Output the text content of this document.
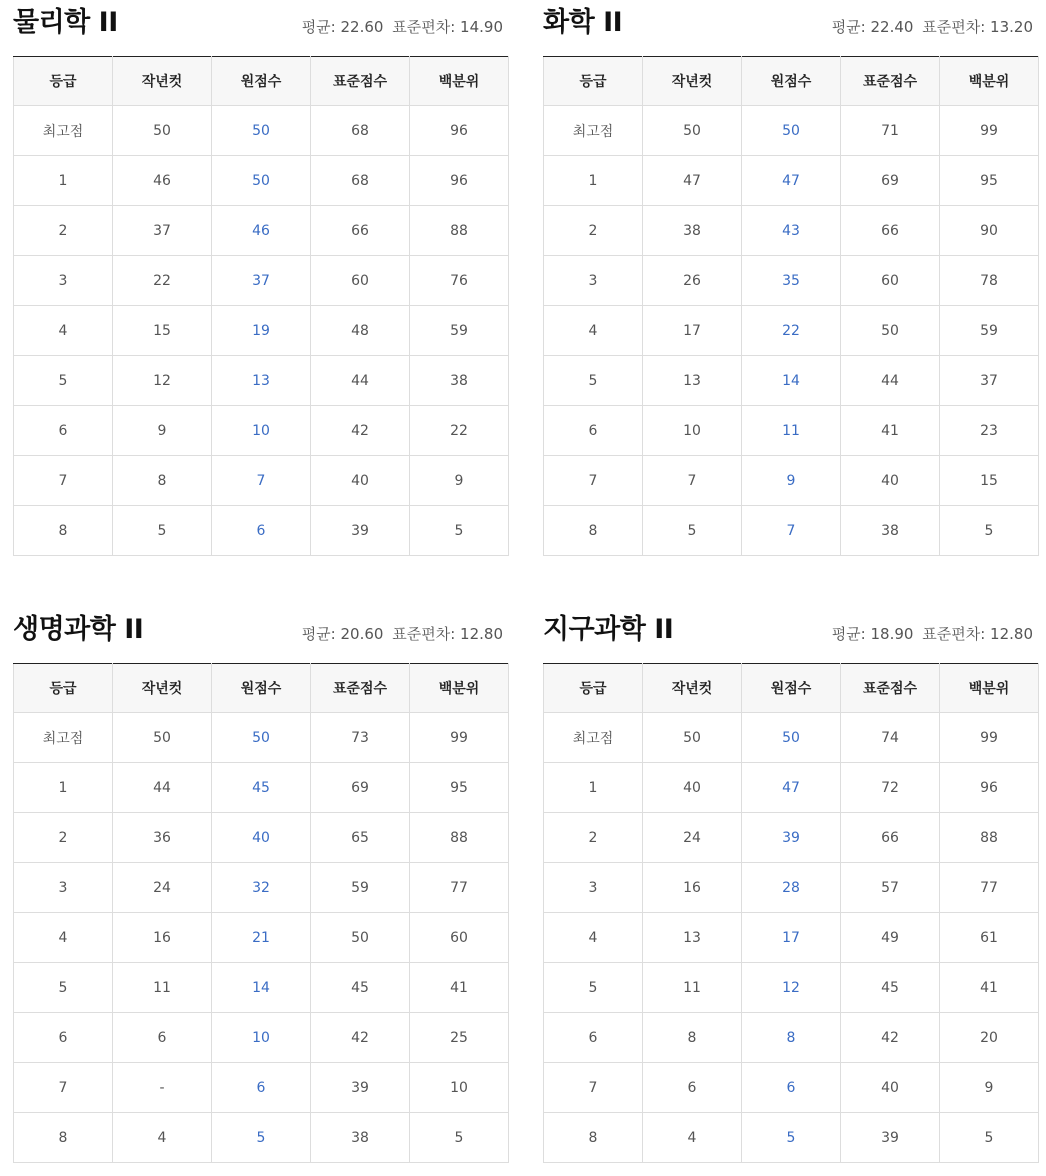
물리학 II	평균: 22.60 표준편차: 14.90
등급	작년컷	원점수	표준점수	백분위
최고점	50	50	68	96
1	46	50	68	96
2	37	46	66	88
3	22	37	60	76
4	15	19	48	59
5	12	13	44	38
6	9	10	42	22
7	8	7	40	9
8	5	6	39	5
화학 II	평균: 22.40 표준편차: 13.20
등급	작년컷	원점수	표준점수	백분위
최고점	50	50	71	99
1	47	47	69	95
2	38	43	66	90
3	26	35	60	78
4	17	22	50	59
5	13	14	44	37
6	10	11	41	23
7	7	9	40	15
8	5	7	38	5
생명과학 II	평균: 20.60 표준편차: 12.80
등급	작년컷	원점수	표준점수	백분위
최고점	50	50	73	99
1	44	45	69	95
2	36	40	65	88
3	24	32	59	77
4	16	21	50	60
5	11	14	45	41
6	6	10	42	25
7	-	6	39	10
8	4	5	38	5
지구과학 II	평균: 18.90 표준편차: 12.80
등급	작년컷	원점수	표준점수	백분위
최고점	50	50	74	99
1	40	47	72	96
2	24	39	66	88
3	16	28	57	77
4	13	17	49	61
5	11	12	45	41
6	8	8	42	20
7	6	6	40	9
8	4	5	39	5
